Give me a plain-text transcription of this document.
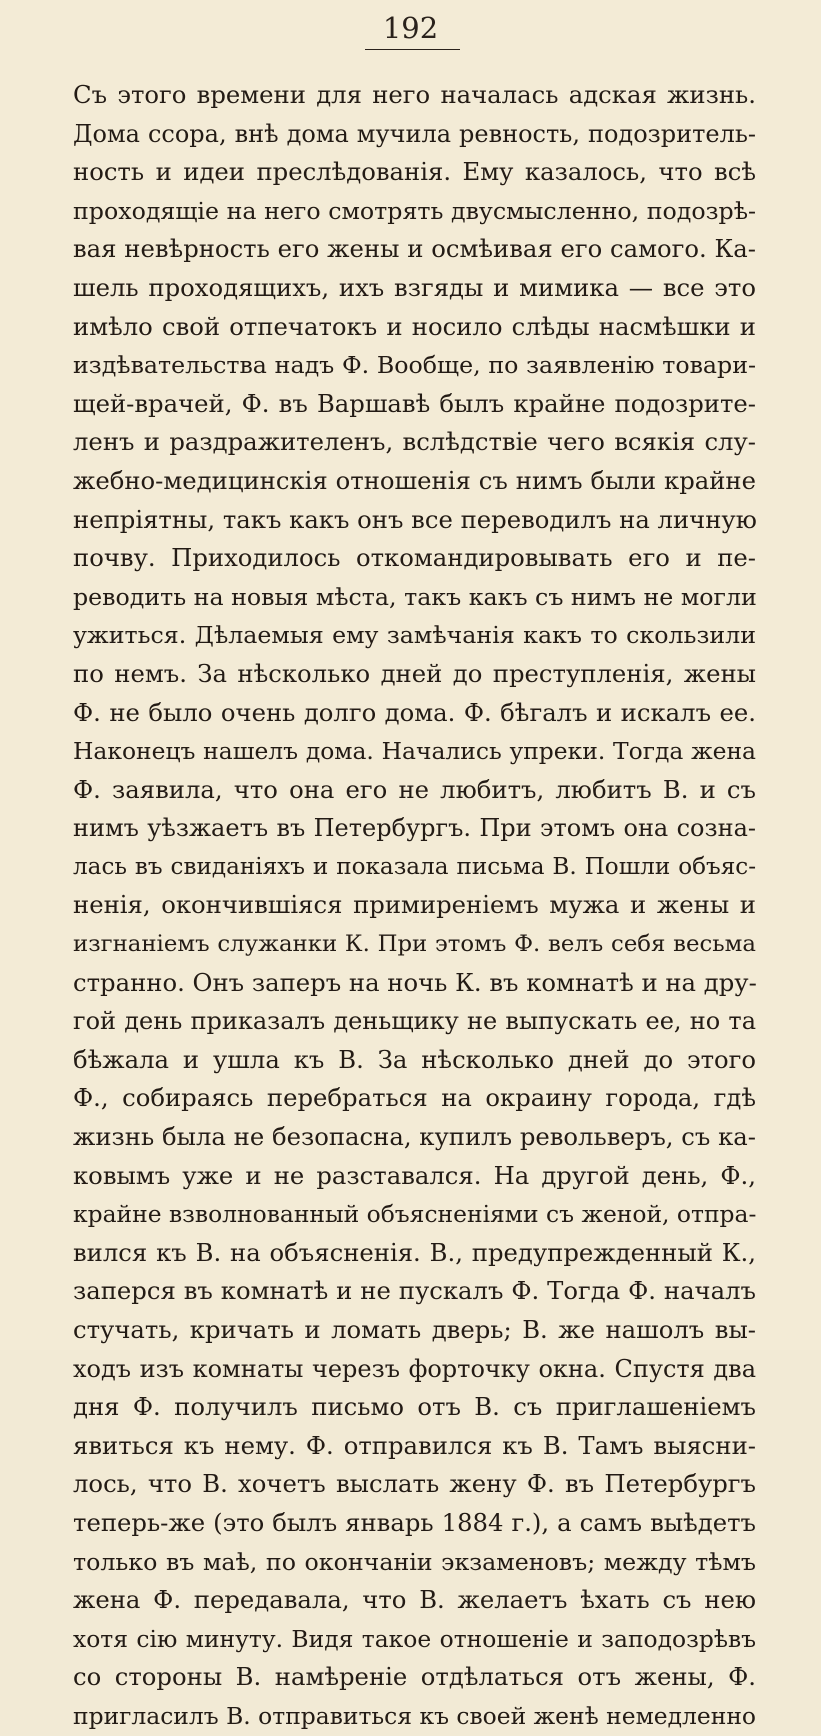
192
Съ этого времени для него началась адская жизнь.
Дома ссора, внѣ дома мучила ревность, подозритель-
ность и идеи преслѣдованія. Ему казалось, что всѣ
проходящіе на него смотрять двусмысленно, подозрѣ-
вая невѣрность его жены и осмѣивая его самого. Ка-
шель проходящихъ, ихъ взгяды и мимика — все это
имѣло свой отпечатокъ и носило слѣды насмѣшки и
издѣвательства надъ Ф. Вообще, по заявленію товари-
щей-врачей, Ф. въ Варшавѣ былъ крайне подозрите-
ленъ и раздражителенъ, вслѣдствіе чего всякія слу-
жебно-медицинскія отношенія съ нимъ были крайне
непріятны, такъ какъ онъ все переводилъ на личную
почву. Приходилось откомандировывать его и пе-
реводить на новыя мѣста, такъ какъ съ нимъ не могли
ужиться. Дѣлаемыя ему замѣчанія какъ то скользили
по немъ. За нѣсколько дней до преступленія, жены
Ф. не было очень долго дома. Ф. бѣгалъ и искалъ ее.
Наконецъ нашелъ дома. Начались упреки. Тогда жена
Ф. заявила, что она его не любитъ, любитъ В. и съ
нимъ уѣзжаетъ въ Петербургъ. При этомъ она созна-
лась въ свиданіяхъ и показала письма В. Пошли объяс-
ненія, окончившіяся примиреніемъ мужа и жены и
изгнаніемъ служанки К. При этомъ Ф. велъ себя весьма
странно. Онъ заперъ на ночь К. въ комнатѣ и на дру-
гой день приказалъ деньщику не выпускать ее, но та
бѣжала и ушла къ В. За нѣсколько дней до этого
Ф., собираясь перебраться на окраину города, гдѣ
жизнь была не безопасна, купилъ револьверъ, съ ка-
ковымъ уже и не разставался. На другой день, Ф.,
крайне взволнованный объясненіями съ женой, отпра-
вился къ В. на объясненія. В., предупрежденный К.,
заперся въ комнатѣ и не пускалъ Ф. Тогда Ф. началъ
стучать, кричать и ломать дверь; В. же нашолъ вы-
ходъ изъ комнаты черезъ форточку окна. Спустя два
дня Ф. получилъ письмо отъ В. съ приглашеніемъ
явиться къ нему. Ф. отправился къ В. Тамъ выясни-
лось, что В. хочетъ выслать жену Ф. въ Петербургъ
теперь-же (это былъ январь 1884 г.), а самъ выѣдетъ
только въ маѣ, по окончаніи экзаменовъ; между тѣмъ
жена Ф. передавала, что В. желаетъ ѣхать съ нею
хотя сію минуту. Видя такое отношеніе и заподозрѣвъ
со стороны В. намѣреніе отдѣлаться отъ жены, Ф.
пригласилъ В. отправиться къ своей женѣ немедленно
